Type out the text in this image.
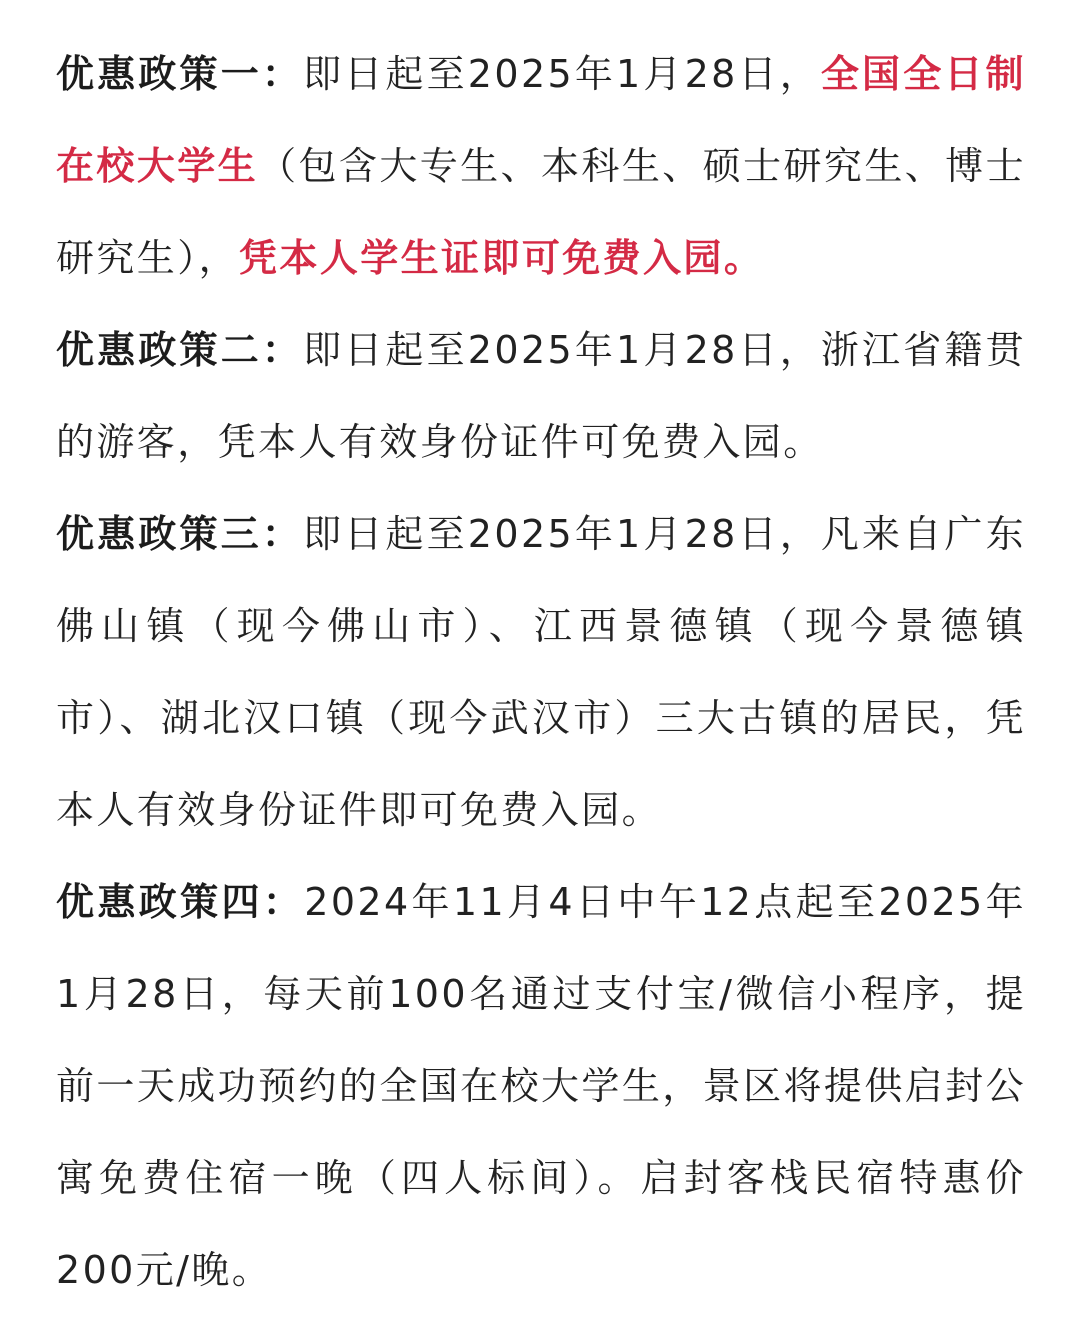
优惠政策一：即日起至2025年1月28日，全国全日制在校大学生（包含大专生、本科生、硕士研究生、博士研究生），凭本人学生证即可免费入园。

优惠政策二：即日起至2025年1月28日，浙江省籍贯的游客，凭本人有效身份证件可免费入园。

优惠政策三：即日起至2025年1月28日，凡来自广东佛山镇（现今佛山市）、江西景德镇（现今景德镇市）、湖北汉口镇（现今武汉市）三大古镇的居民，凭本人有效身份证件即可免费入园。

优惠政策四：2024年11月4日中午12点起至2025年1月28日，每天前100名通过支付宝/微信小程序，提前一天成功预约的全国在校大学生，景区将提供启封公寓免费住宿一晚（四人标间）。启封客栈民宿特惠价200元/晚。
